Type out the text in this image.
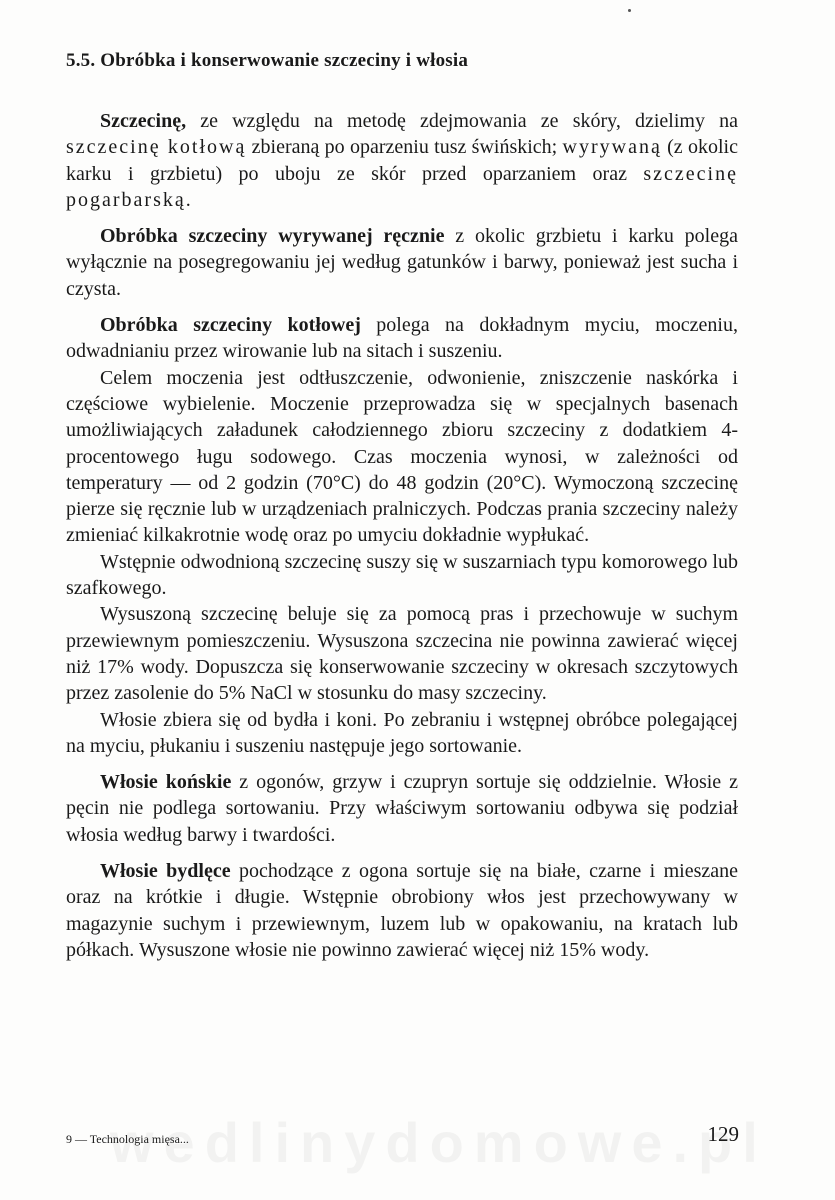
5.5. Obróbka i konserwowanie szczeciny i włosia

Szczecinę, ze względu na metodę zdejmowania ze skóry, dzielimy na szczecinę kotłową zbieraną po oparzeniu tusz świńskich; wyrywaną (z okolic karku i grzbietu) po uboju ze skór przed oparzaniem oraz szczecinę pogarbarską.

Obróbka szczeciny wyrywanej ręcznie z okolic grzbietu i karku polega wyłącznie na posegregowaniu jej według gatunków i barwy, ponieważ jest sucha i czysta.

Obróbka szczeciny kotłowej polega na dokładnym myciu, moczeniu, odwadnianiu przez wirowanie lub na sitach i suszeniu.

Celem moczenia jest odtłuszczenie, odwonienie, zniszczenie naskórka i częściowe wybielenie. Moczenie przeprowadza się w specjalnych basenach umożliwiających załadunek całodziennego zbioru szczeciny z dodatkiem 4-procentowego ługu sodowego. Czas moczenia wynosi, w zależności od temperatury — od 2 godzin (70°C) do 48 godzin (20°C). Wymoczoną szczecinę pierze się ręcznie lub w urządzeniach pralniczych. Podczas prania szczeciny należy zmieniać kilkakrotnie wodę oraz po umyciu dokładnie wypłukać.

Wstępnie odwodnioną szczecinę suszy się w suszarniach typu komorowego lub szafkowego.

Wysuszoną szczecinę beluje się za pomocą pras i przechowuje w suchym przewiewnym pomieszczeniu. Wysuszona szczecina nie powinna zawierać więcej niż 17% wody. Dopuszcza się konserwowanie szczeciny w okresach szczytowych przez zasolenie do 5% NaCl w stosunku do masy szczeciny.

Włosie zbiera się od bydła i koni. Po zebraniu i wstępnej obróbce polegającej na myciu, płukaniu i suszeniu następuje jego sortowanie.

Włosie końskie z ogonów, grzyw i czupryn sortuje się oddzielnie. Włosie z pęcin nie podlega sortowaniu. Przy właściwym sortowaniu odbywa się podział włosia według barwy i twardości.

Włosie bydlęce pochodzące z ogona sortuje się na białe, czarne i mieszane oraz na krótkie i długie. Wstępnie obrobiony włos jest przechowywany w magazynie suchym i przewiewnym, luzem lub w opakowaniu, na kratach lub półkach. Wysuszone włosie nie powinno zawierać więcej niż 15% wody.

9 — Technologia mięsa...	129
